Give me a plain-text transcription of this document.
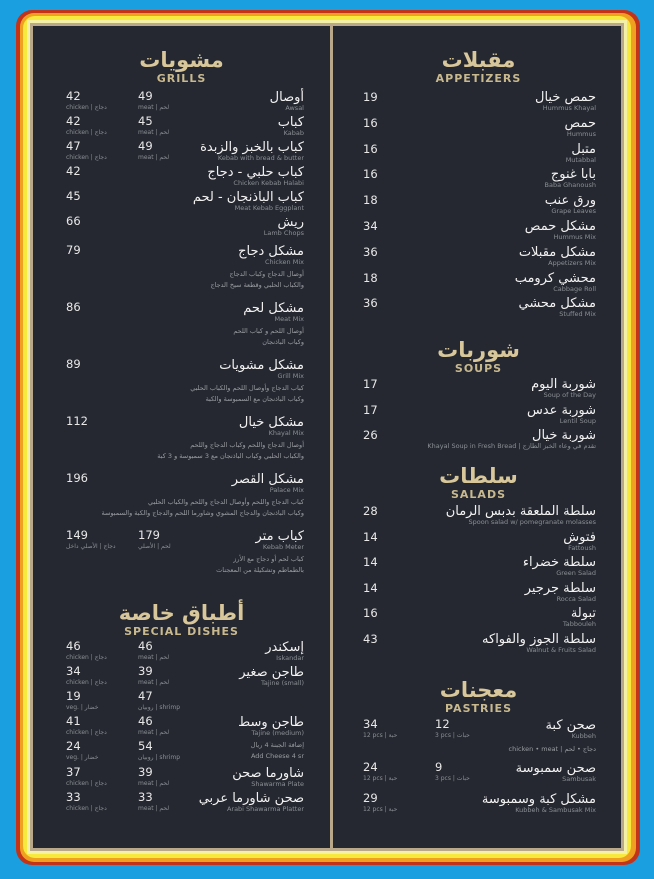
مقبلات
APPETIZERS
حمص خيال
Hummus Khayal
19
حمص
Hummus
16
متبل
Mutabbal
16
بابا غنوج
Baba Ghanoush
16
ورق عنب
Grape Leaves
18
مشكل حمص
Hummus Mix
34
مشكل مقبلات
Appetizers Mix
36
محشي كرومب
Cabbage Roll
18
مشكل محشي
Stuffed Mix
36
شوربات
SOUPS
شوربة اليوم
Soup of the Day
17
شوربة عدس
Lentil Soup
17
شوربة خيال
Khayal Soup in Fresh Bread | تقدم في وعاء الخبز الطازج
26
سلطات
SALADS
سلطة الملعقة بدبس الرمان
Spoon salad w/ pomegranate molasses
28
فتوش
Fattoush
14
سلطة خضراء
Green Salad
14
سلطة جرجير
Rocca Salad
14
تبولة
Tabbouleh
16
سلطة الجوز والفواكه
Walnut & Fruits Salad
43
معجنات
PASTRIES
صحن كبة
Kubbeh
12
3 pcs | حبات
34
12 pcs | حبة
chicken • meat | دجاج • لحم
صحن سمبوسة
Sambusak
9
3 pcs | حبات
24
12 pcs | حبة
مشكل كبة وسمبوسة
Kubbeh & Sambusak Mix
29
12 pcs | حبة
مشويات
GRILLS
أوصال
Awsal
49
meat | لحم
42
chicken | دجاج
كباب
Kabab
45
meat | لحم
42
chicken | دجاج
كباب بالخبز والزبدة
Kebab with bread & butter
49
meat | لحم
47
chicken | دجاج
كباب حلبي - دجاج
Chicken Kebab Halabi
42
كباب الباذنجان - لحم
Meat Kebab Eggplant
45
ريش
Lamb Chops
66
مشكل دجاج
Chicken Mix
79
أوصال الدجاج وكباب الدجاج
والكباب الحلبي وقطعة سيخ الدجاج
مشكل لحم
Meat Mix
86
أوصال اللحم و كباب اللحم
وكباب الباذنجان
مشكل مشويات
Grill Mix
89
كباب الدجاج وأوصال اللحم والكباب الحلبي
وكباب الباذنجان مع السمبوسة والكبة
مشكل خيال
Khayal Mix
112
أوصال الدجاج واللحم وكباب الدجاج واللحم
والكباب الحلبي وكباب الباذنجان مع 3 سمبوسة و 3 كبة
مشكل القصر
Palace Mix
196
كباب الدجاج واللحم وأوصال الدجاج واللحم والكباب الحلبي
وكباب الباذنجان والدجاج المشوي وشاورما اللحم والدجاج والكبة والسمبوسة
كباب متر
Kebab Meter
179
لحم | الأصلي
149
دجاج | الأصلي داخل
كباب لحم أو دجاج مع الأرز
بالطماطم وتشكيلة من المعجنات
أطباق خاصة
SPECIAL DISHES
إسكندر
Iskandar
46
meat | لحم
46
chicken | دجاج
طاجن صغير
Tajine (small)
39
meat | لحم
34
chicken | دجاج
47
روبيان | shrimp
19
veg. | خضار
طاجن وسط
Tajine (medium)
إضافة الجبنة 4 ريال
Add Cheese 4 sr
46
meat | لحم
41
chicken | دجاج
54
روبيان | shrimp
24
veg. | خضار
شاورما صحن
Shawarma Plate
39
meat | لحم
37
chicken | دجاج
صحن شاورما عربي
Arabi Shawarma Platter
33
meat | لحم
33
chicken | دجاج
